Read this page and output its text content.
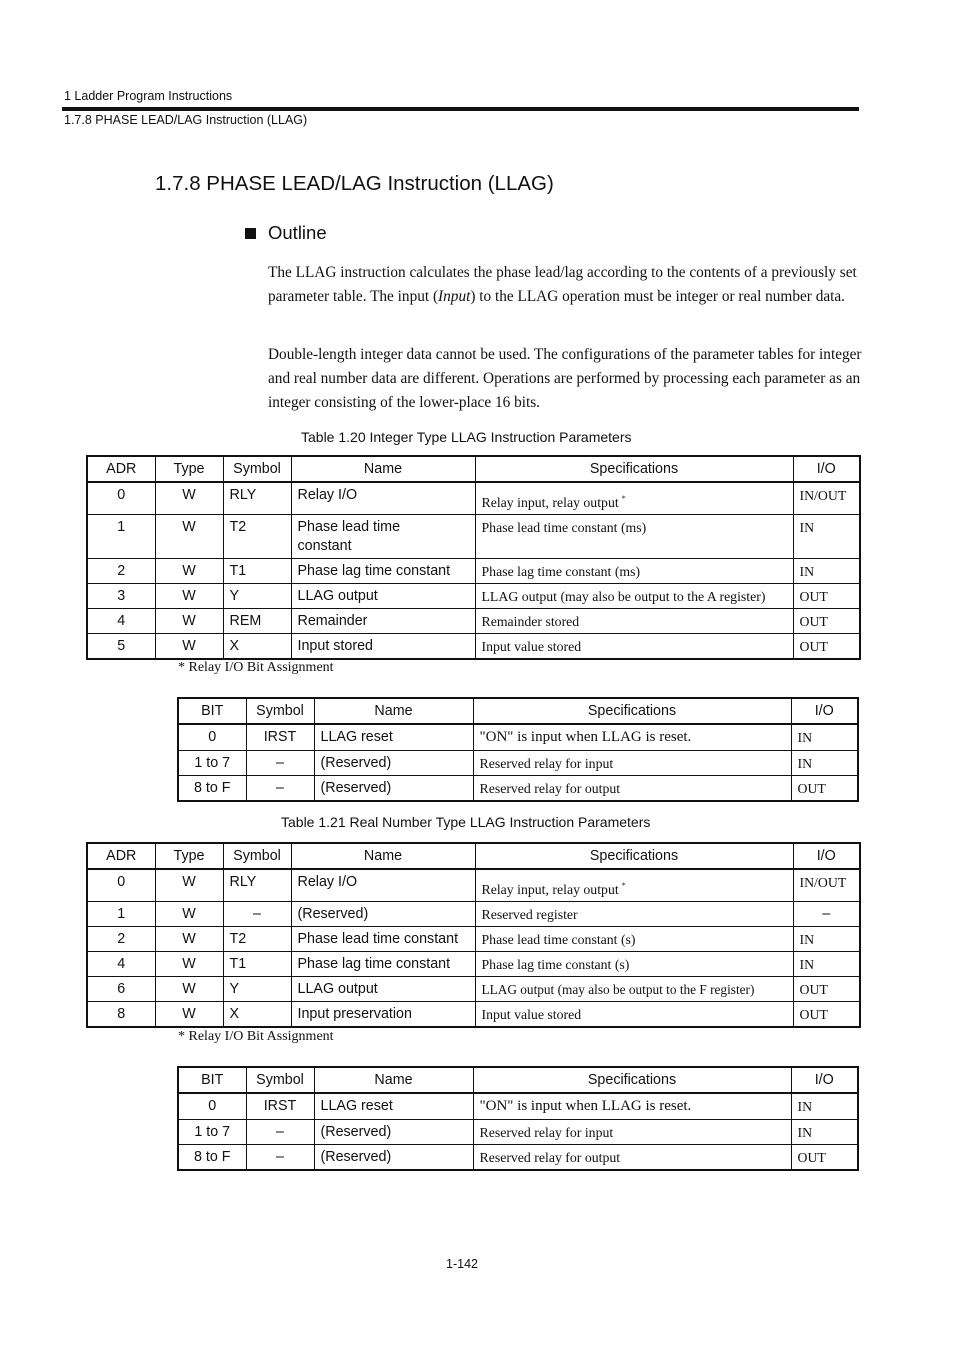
1 Ladder Program Instructions
1.7.8 PHASE LEAD/LAG Instruction (LLAG)
1.7.8 PHASE LEAD/LAG Instruction (LLAG)
Outline
The LLAG instruction calculates the phase lead/lag according to the contents of a previously set parameter table. The input (Input) to the LLAG operation must be integer or real number data.
Double-length integer data cannot be used. The configurations of the parameter tables for integer and real number data are different. Operations are performed by processing each parameter as an integer consisting of the lower-place 16 bits.
Table 1.20 Integer Type LLAG Instruction Parameters
ADR	Type	Symbol	Name	Specifications	I/O
0	W	RLY	Relay I/O	Relay input, relay output *	IN/OUT
1	W	T2	Phase lead time constant	Phase lead time constant (ms)	IN
2	W	T1	Phase lag time constant	Phase lag time constant (ms)	IN
3	W	Y	LLAG output	LLAG output (may also be output to the A register)	OUT
4	W	REM	Remainder	Remainder stored	OUT
5	W	X	Input stored	Input value stored	OUT
* Relay I/O Bit Assignment
BIT	Symbol	Name	Specifications	I/O
0	IRST	LLAG reset	"ON" is input when LLAG is reset.	IN
1 to 7	–	(Reserved)	Reserved relay for input	IN
8 to F	–	(Reserved)	Reserved relay for output	OUT
Table 1.21 Real Number Type LLAG Instruction Parameters
ADR	Type	Symbol	Name	Specifications	I/O
0	W	RLY	Relay I/O	Relay input, relay output *	IN/OUT
1	W	–	(Reserved)	Reserved register	–
2	W	T2	Phase lead time constant	Phase lead time constant (s)	IN
4	W	T1	Phase lag time constant	Phase lag time constant (s)	IN
6	W	Y	LLAG output	LLAG output (may also be output to the F register)	OUT
8	W	X	Input preservation	Input value stored	OUT
* Relay I/O Bit Assignment
BIT	Symbol	Name	Specifications	I/O
0	IRST	LLAG reset	"ON" is input when LLAG is reset.	IN
1 to 7	–	(Reserved)	Reserved relay for input	IN
8 to F	–	(Reserved)	Reserved relay for output	OUT
1-142
